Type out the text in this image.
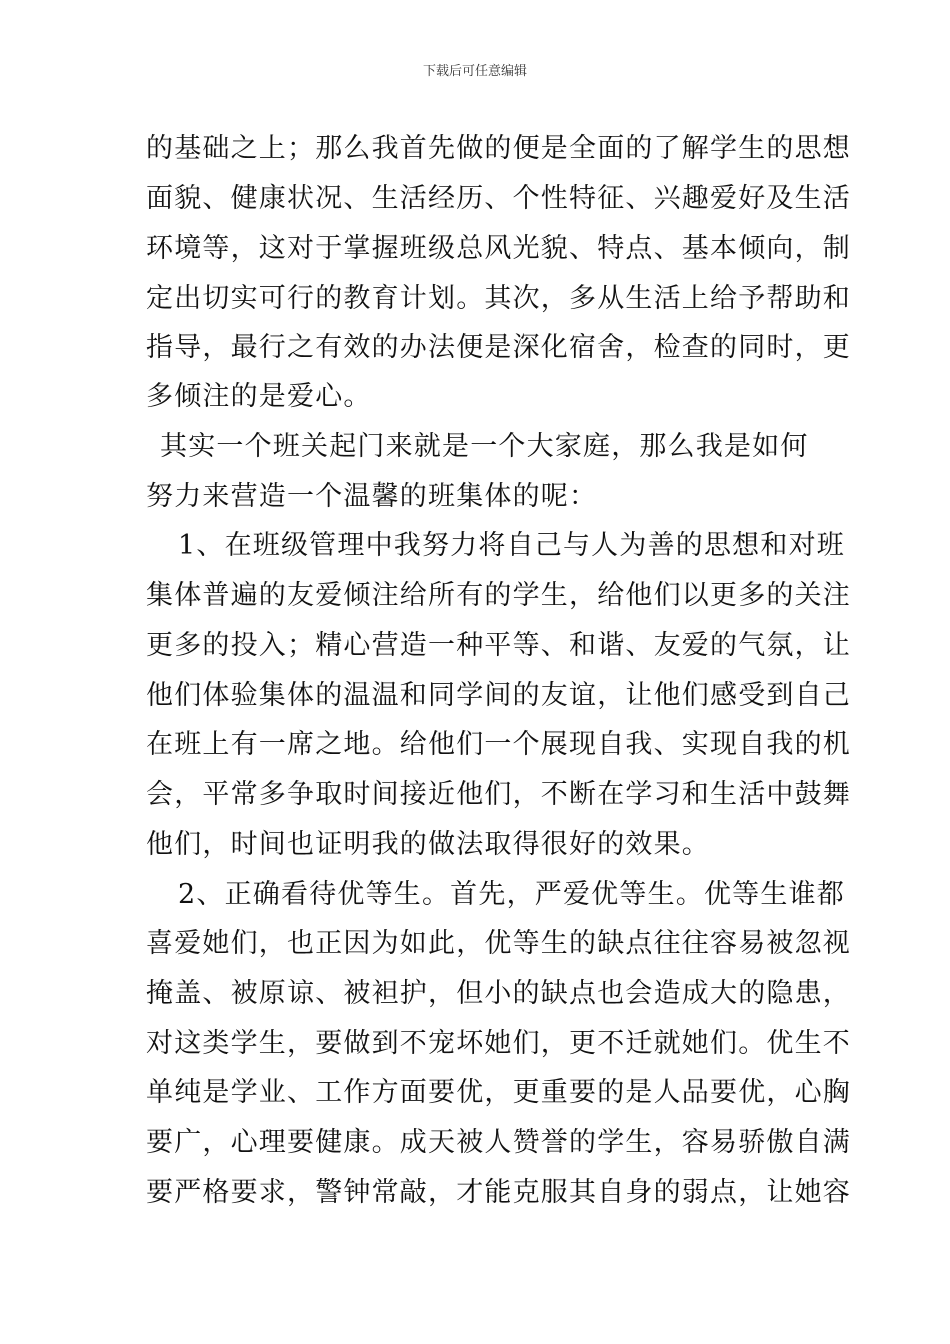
下载后可任意编辑
的基础之上；那么我首先做的便是全面的了解学生的思想
面貌、健康状况、生活经历、个性特征、兴趣爱好及生活
环境等，这对于掌握班级总风光貌、特点、基本倾向，制
定出切实可行的教育计划。其次，多从生活上给予帮助和
指导，最行之有效的办法便是深化宿舍，检查的同时，更
多倾注的是爱心。
其实一个班关起门来就是一个大家庭，那么我是如何
努力来营造一个温馨的班集体的呢：
1、在班级管理中我努力将自己与人为善的思想和对班
集体普遍的友爱倾注给所有的学生，给他们以更多的关注
更多的投入；精心营造一种平等、和谐、友爱的气氛，让
他们体验集体的温温和同学间的友谊，让他们感受到自己
在班上有一席之地。给他们一个展现自我、实现自我的机
会，平常多争取时间接近他们，不断在学习和生活中鼓舞
他们，时间也证明我的做法取得很好的效果。
2、正确看待优等生。首先，严爱优等生。优等生谁都
喜爱她们，也正因为如此，优等生的缺点往往容易被忽视
掩盖、被原谅、被袒护，但小的缺点也会造成大的隐患，
对这类学生，要做到不宠坏她们，更不迁就她们。优生不
单纯是学业、工作方面要优，更重要的是人品要优，心胸
要广，心理要健康。成天被人赞誉的学生，容易骄傲自满
要严格要求，警钟常敲，才能克服其自身的弱点，让她容
